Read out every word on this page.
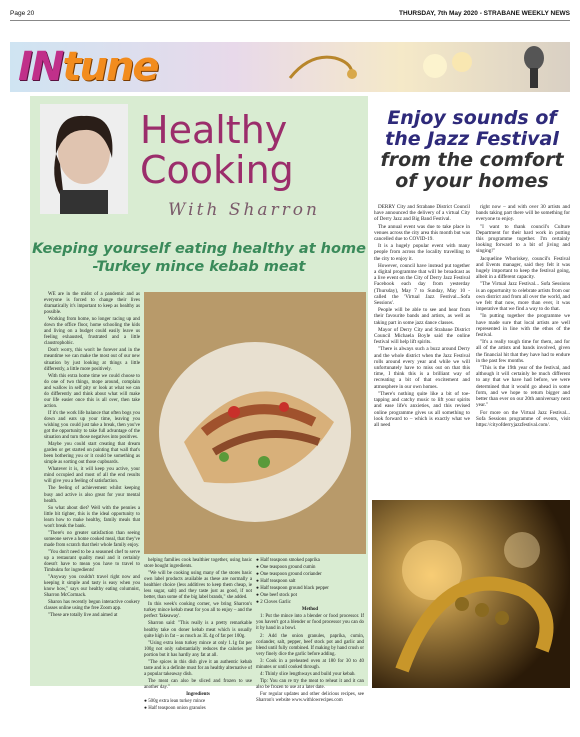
Page 20	THURSDAY, 7th May 2020 - STRABANE WEEKLY NEWS
INtune
Healthy Cooking
With Sharron
Keeping yourself eating healthy at home -Turkey mince kebab meat

WE are in the midst of a pandemic and as everyone is forced to change their lives dramatically it's important to keep as healthy as possible.

Working from home, no longer racing up and down the office floor, home schooling the kids and living on a budget could easily leave us feeling exhausted, frustrated and a little claustrophobic.

Don't worry, this won't be forever and in the meantime we can make the most out of our new situation by just looking at things a little differently, a little more positively.

With this extra home time we could choose to do one of two things, mope around, complain and wallow in self pity or look at what we can do differently and think about what will make our life easier once this is all over, then take action.

If it's the work life balance that often bogs you down and eats up your time, leaving you wishing you could just take a break, then you've got the opportunity to take full advantage of the situation and turn those negatives into positives.

Maybe you could start creating that dream garden or get started on painting that wall that's been bothering you or it could be something as simple as sorting out those cupboards.

Whatever it is, it will keep you active, your mind occupied and most of all the end results will give you a feeling of satisfaction.

The feeling of achievement whilst keeping busy and active is also great for your mental health.

So what about diet? Well with the pennies a little bit tighter, this is the ideal opportunity to learn how to make healthy, family meals that won't break the bank.

"There's no greater satisfaction than seeing someone serve a home cooked meal, that they've made from scratch that their whole family enjoy.

"You don't need to be a seasoned chef to serve up a restaurant quality meal and it certainly doesn't have to mean you have to travel to Timbuktu for ingredients!

"Anyway you couldn't travel right now and keeping it simple and tasty is easy when you know how," says our healthy eating columnist, Sharron McCormack.

Sharon has recently begun interactive cookery classes online using the free Zoom app.

"These are totally live and aimed at

helping families cook healthier together, using basic store bought ingredients.

"We will be cooking using many of the stores basic own label products available as these are normally a healthier choice (less additives to keep them cheap, ie less sugar, salt) and they taste just as good, if not better, than some of the big label brands," she added.

In this week's cooking corner, we bring Sharron's turkey mince kebab meat for you all to enjoy – and the perfect 'fakeaway'.

Sharron said: "This really is a pretty remarkable healthy take on doner kebab meat which is usually quite high in fat – as much as 3L 4g of fat per 100g.

"Using extra lean turkey mince at only 1.1g fat per 100g not only substantially reduces the calories per portion but it has hardly any fat at all.

"The spices in this dish give it an authentic kebab taste and is a definite must for an healthy alternative of a popular takeaway dish.

The meat can also be sliced and frozen to use another day."

Ingredients

● 500g extra lean turkey mince

● Half teaspoon onion granules

● Half teaspoon smoked paprika

● One teaspoon ground cumin

● One teaspoon ground coriander

● Half teaspoon salt

● Half teaspoon ground black pepper

● One beef stock pot

● 2 Cloves Garlic

Method

1: Put the mince into a blender or food processor. If you haven't got a blender or food processor you can do it by hand in a bowl.

2: Add the onion granules, paprika, cumin, coriander, salt, pepper, beef stock pot and garlic and blend until fully combined. If making by hand crush or very finely dice the garlic before adding.

3: Cook in a preheated oven at 180 for 30 to 40 minutes or until cooked through.

4: Thinly slice lengthways and build your kebab.

Tip: You can re try the meat to reheat it and it can also be frozen to use at a later date.

For regular updates and other delicious recipes, see Sharron's website www.withlowrecipes.com

Enjoy sounds of the Jazz Festival
from the comfort of your homes

DERRY City and Strabane District Council have announced the delivery of a virtual City of Derry Jazz and Big Band Festival.

The annual event was due to take place in venues across the city area this month but was cancelled due to COVID-19.

It is a hugely popular event with many people from across the locality travelling to the city to enjoy it.

However, council have instead put together a digital programme that will be broadcast as a live event on the City of Derry Jazz Festival Facebook each day from yesterday (Thursday), May 7 to Sunday, May 10 - called the 'Virtual Jazz Festival...Sofa Sessions'.

People will be able to see and hear from their favourite bands and artists, as well as taking part in some jazz dance classes.

Mayor of Derry City and Strabane District Council Michaela Boyle said the online festival will help lift spirits.

"There is always such a buzz around Derry and the whole district when the Jazz Festival rolls around every year and while we will unfortunately have to miss out on that this time, I think this is a brilliant way of recreating a bit of that excitement and atmosphere in our own homes.

"There's nothing quite like a bit of toe-tapping and catchy music to lift your spirits and ease life's anxieties, and this revised online programme gives us all something to look forward to – which is exactly what we all need

right now – and with over 30 artists and bands taking part there will be something for everyone to enjoy.

"I want to thank council's Culture Department for their hard work in putting this programme together. I'm certainly looking forward to a bit of jiving and singing!"

Jacqueline Whoriskey, council's Festival and Events manager, said they felt it was hugely important to keep the festival going, albeit in a different capacity.

"The Virtual Jazz Festival... Sofa Sessions is an opportunity to celebrate artists from our own district and from all over the world, and we felt that now, more than ever, it was imperative that we find a way to do that.

"In putting together the programme we have made sure that local artists are well represented in line with the ethos of the festival.

"It's a really tough time for them, and for all of the artists and bands involved, given the financial hit that they have had to endure in the past few months.

"This is the 19th year of the festival, and although it will certainly be much different to any that we have had before, we were determined that it would go ahead in some form, and we hope to return bigger and better than ever on our 20th anniversary next year."

For more on the Virtual Jazz Festival... Sofa Sessions programme of events, visit https://cityofderryjazzfestival.com/.
